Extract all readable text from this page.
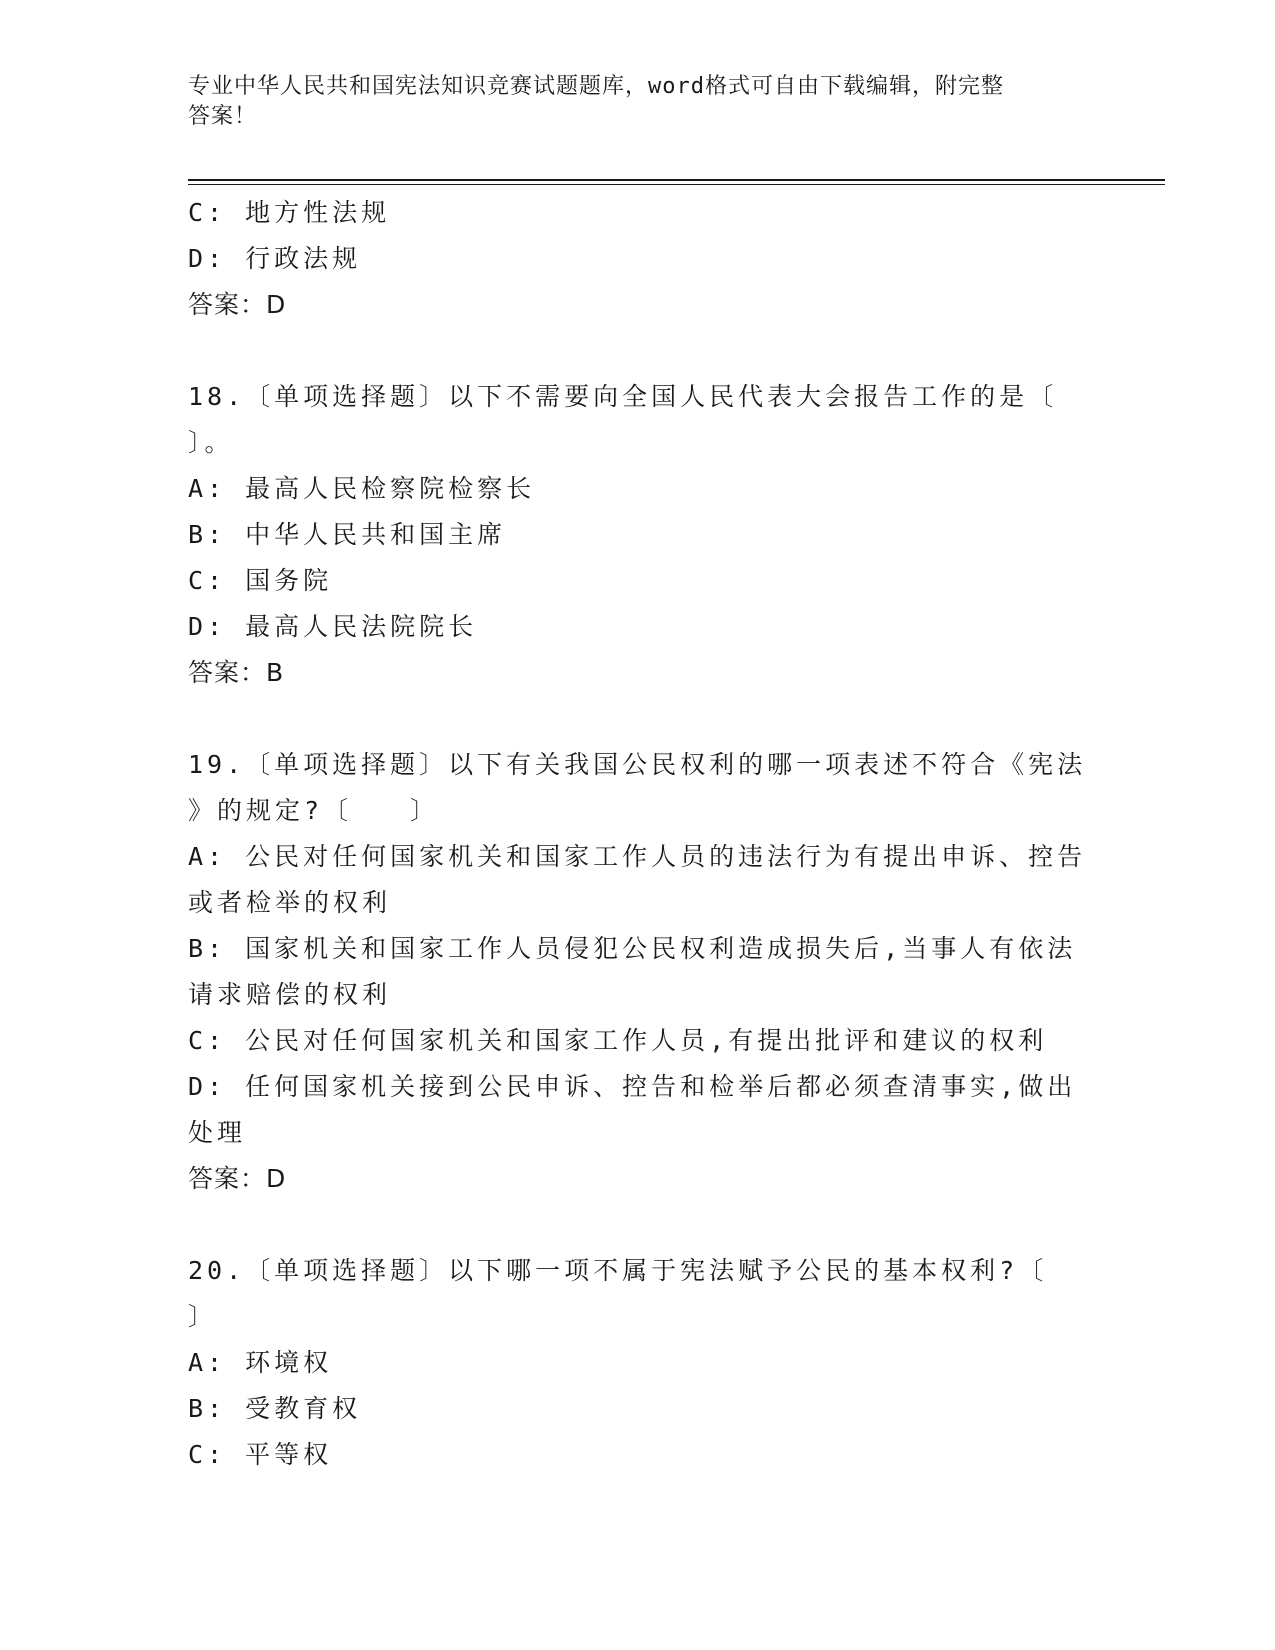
专业中华人民共和国宪法知识竞赛试题题库，word格式可自由下载编辑，附完整
答案！
C: 地方性法规
D: 行政法规
答案：D
18.〔单项选择题〕以下不需要向全国人民代表大会报告工作的是〔
〕。
A: 最高人民检察院检察长
B: 中华人民共和国主席
C: 国务院
D: 最高人民法院院长
答案：B
19.〔单项选择题〕以下有关我国公民权利的哪一项表述不符合《宪法
》的规定?〔　　〕
A: 公民对任何国家机关和国家工作人员的违法行为有提出申诉、控告
或者检举的权利
B: 国家机关和国家工作人员侵犯公民权利造成损失后,当事人有依法
请求赔偿的权利
C: 公民对任何国家机关和国家工作人员,有提出批评和建议的权利
D: 任何国家机关接到公民申诉、控告和检举后都必须查清事实,做出
处理
答案：D
20.〔单项选择题〕以下哪一项不属于宪法赋予公民的基本权利?〔
〕
A: 环境权
B: 受教育权
C: 平等权
